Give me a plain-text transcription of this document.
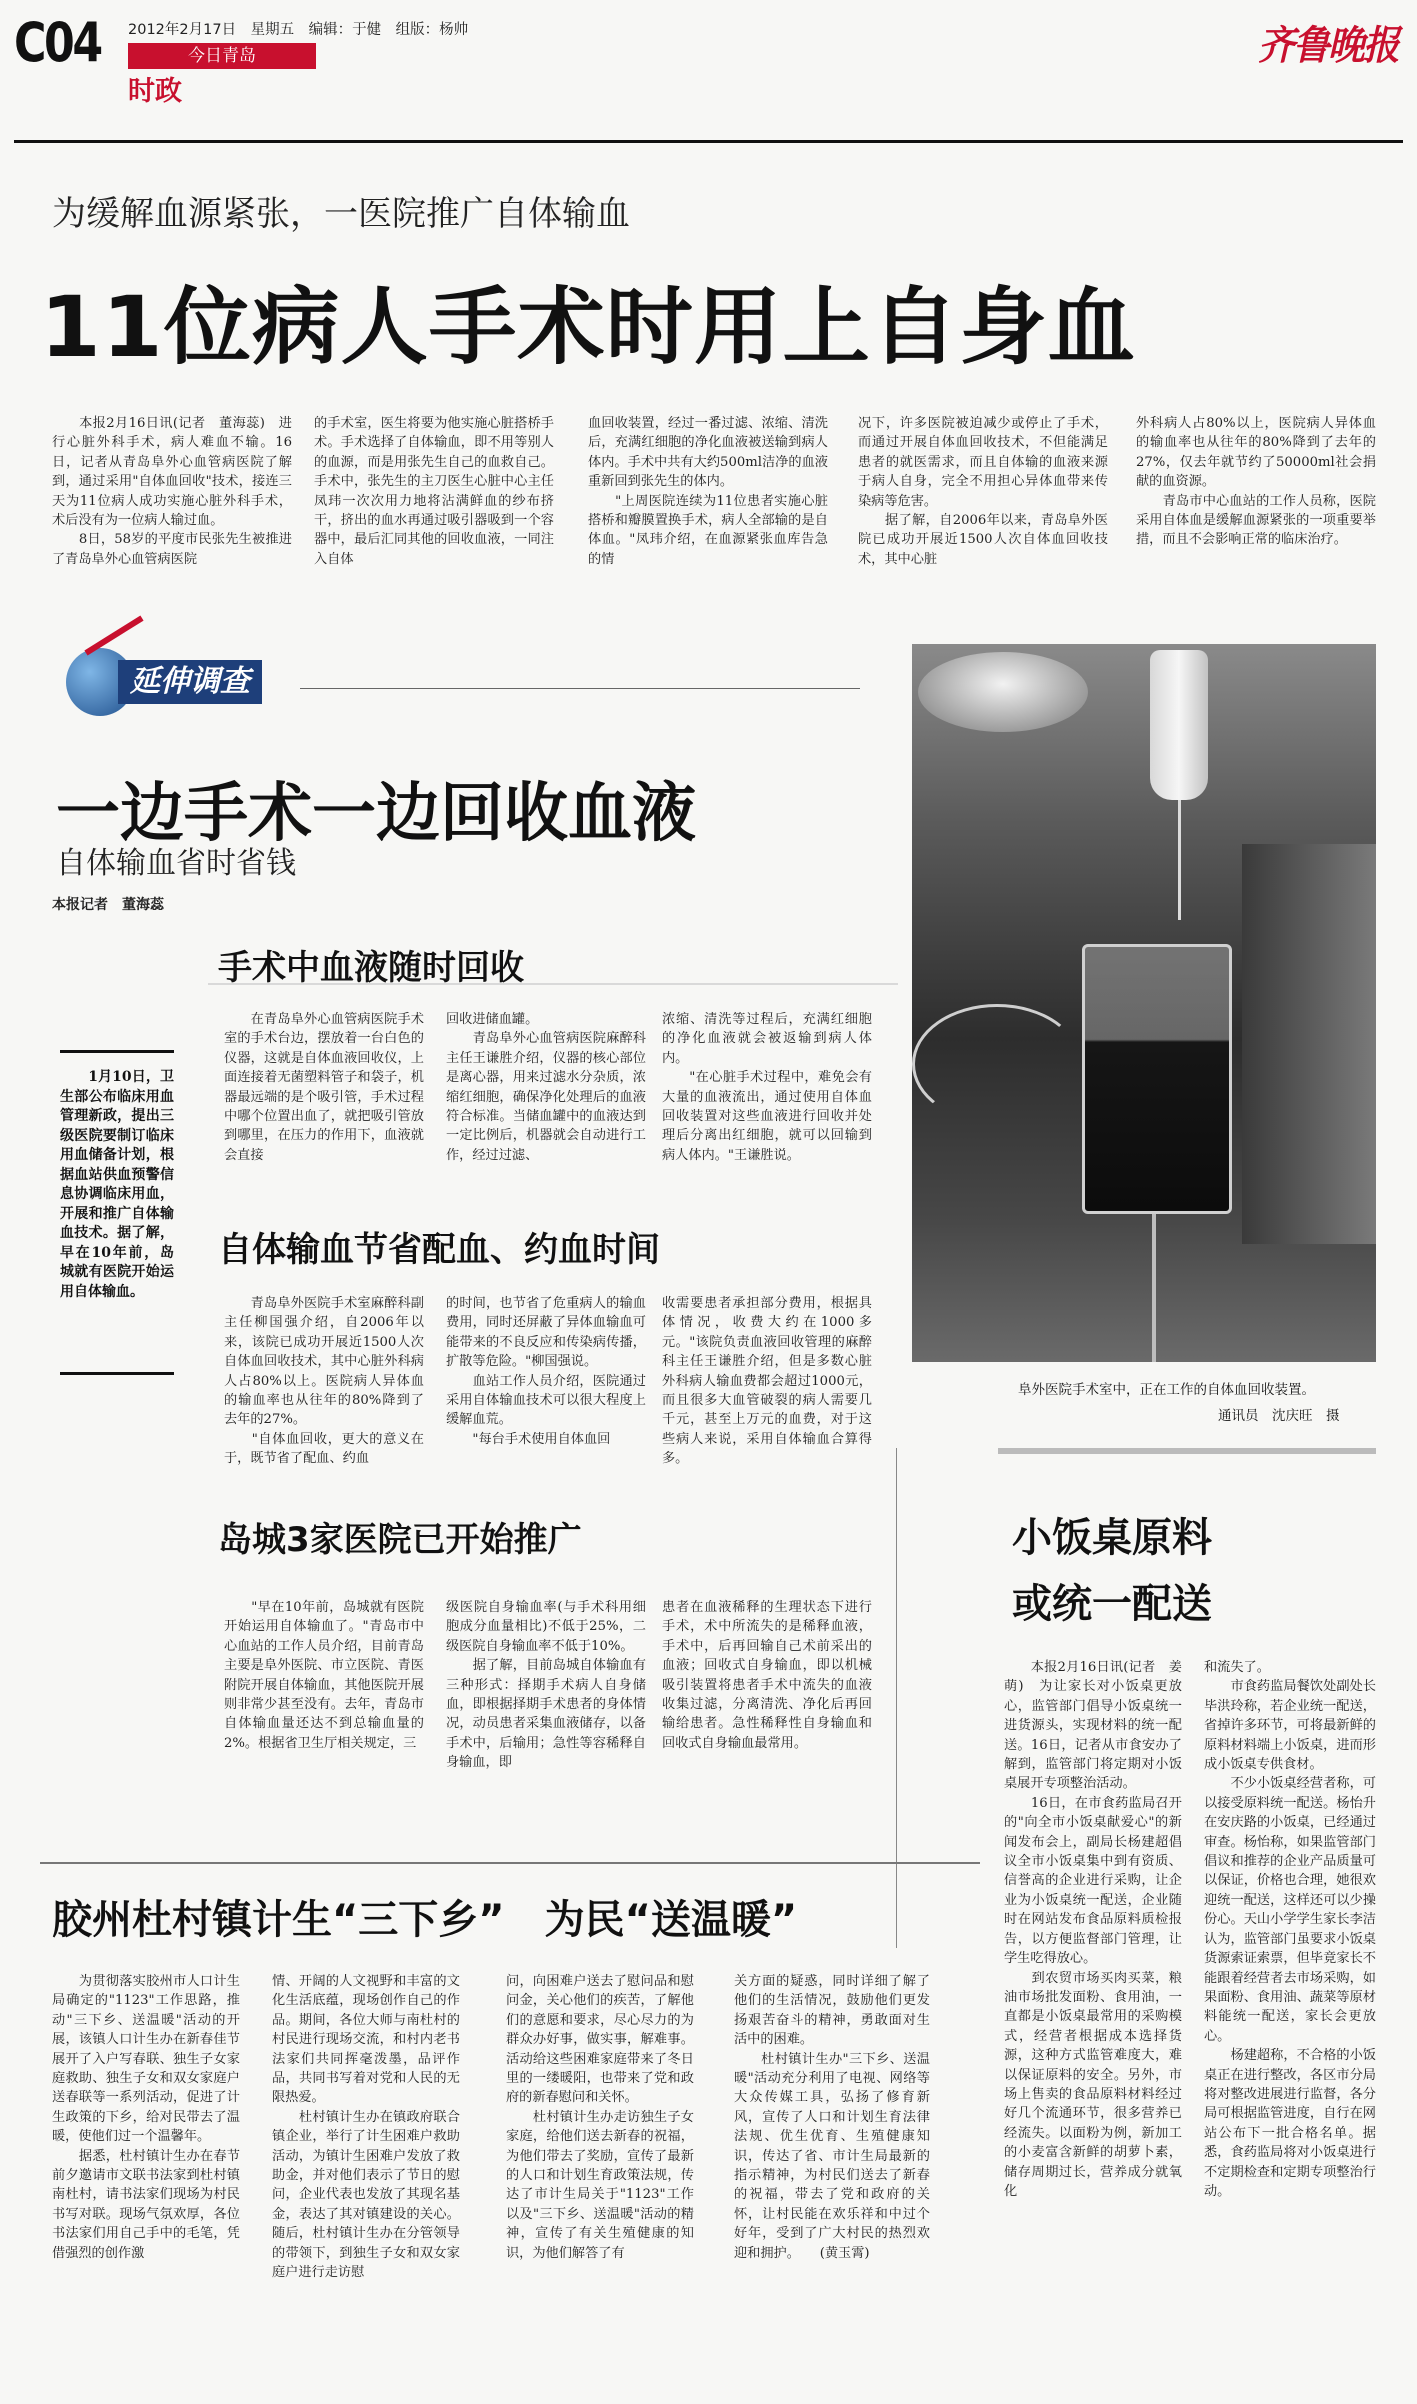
C04 2012年2月17日　星期五　编辑：于健　组版：杨帅
今日青岛
时政
齐鲁晚报
为缓解血源紧张，一医院推广自体输血
11位病人手术时用上自身血
　　本报2月16日讯(记者　董海蕊)　进行心脏外科手术，病人难血不输。16日，记者从青岛阜外心血管病医院了解到，通过采用"自体血回收"技术，接连三天为11位病人成功实施心脏外科手术，术后没有为一位病人输过血。
　　8日，58岁的平度市民张先生被推进了青岛阜外心血管病医院
的手术室，医生将要为他实施心脏搭桥手术。手术选择了自体输血，即不用等别人的血源，而是用张先生自己的血救自己。手术中，张先生的主刀医生心脏中心主任凤玮一次次用力地将沾满鲜血的纱布挤干，挤出的血水再通过吸引器吸到一个容器中，最后汇同其他的回收血液，一同注入自体
血回收装置，经过一番过滤、浓缩、清洗后，充满红细胞的净化血液被送输到病人体内。手术中共有大约500ml洁净的血液重新回到张先生的体内。
　　"上周医院连续为11位患者实施心脏搭桥和瓣膜置换手术，病人全部输的是自体血。"凤玮介绍，在血源紧张血库告急的情
况下，许多医院被迫减少或停止了手术，而通过开展自体血回收技术，不但能满足患者的就医需求，而且自体输的血液来源于病人自身，完全不用担心异体血带来传染病等危害。
　　据了解，自2006年以来，青岛阜外医院已成功开展近1500人次自体血回收技术，其中心脏
外科病人占80%以上，医院病人异体血的输血率也从往年的80%降到了去年的27%，仅去年就节约了50000ml社会捐献的血资源。
　　青岛市中心血站的工作人员称，医院采用自体血是缓解血源紧张的一项重要举措，而且不会影响正常的临床治疗。
延伸调查
一边手术一边回收血液
自体输血省时省钱
本报记者　董海蕊
　　1月10日，卫生部公布临床用血管理新政，提出三级医院要制订临床用血储备计划，根据血站供血预警信息协调临床用血，开展和推广自体输血技术。据了解，早在10年前，岛城就有医院开始运用自体输血。
手术中血液随时回收
　　在青岛阜外心血管病医院手术室的手术台边，摆放着一台白色的仪器，这就是自体血液回收仪，上面连接着无菌塑料管子和袋子，机器最远端的是个吸引管，手术过程中哪个位置出血了，就把吸引管放到哪里，在压力的作用下，血液就会直接
回收进储血罐。
　　青岛阜外心血管病医院麻醉科主任王谦胜介绍，仪器的核心部位是离心器，用来过滤水分杂质，浓缩红细胞，确保净化处理后的血液符合标准。当储血罐中的血液达到一定比例后，机器就会自动进行工作，经过过滤、
浓缩、清洗等过程后，充满红细胞的净化血液就会被返输到病人体内。
　　"在心脏手术过程中，难免会有大量的血液流出，通过使用自体血回收装置对这些血液进行回收并处理后分离出红细胞，就可以回输到病人体内。"王谦胜说。
自体输血节省配血、约血时间
　　青岛阜外医院手术室麻醉科副主任柳国强介绍，自2006年以来，该院已成功开展近1500人次自体血回收技术，其中心脏外科病人占80%以上。医院病人异体血的输血率也从往年的80%降到了去年的27%。
　　"自体血回收，更大的意义在于，既节省了配血、约血
的时间，也节省了危重病人的输血费用，同时还屏蔽了异体血输血可能带来的不良反应和传染病传播，扩散等危险。"柳国强说。
　　血站工作人员介绍，医院通过采用自体输血技术可以很大程度上缓解血荒。
　　"每台手术使用自体血回
收需要患者承担部分费用，根据具体情况，收费大约在1000多元。"该院负责血液回收管理的麻醉科主任王谦胜介绍，但是多数心脏外科病人输血费都会超过1000元，而且很多大血管破裂的病人需要几千元，甚至上万元的血费，对于这些病人来说，采用自体输血合算得多。
岛城3家医院已开始推广
　　"早在10年前，岛城就有医院开始运用自体输血了。"青岛市中心血站的工作人员介绍，目前青岛主要是阜外医院、市立医院、青医附院开展自体输血，其他医院开展则非常少甚至没有。去年，青岛市自体输血量还达不到总输血量的2%。根据省卫生厅相关规定，三
级医院自身输血率(与手术科用细胞成分血量相比)不低于25%，二级医院自身输血率不低于10%。
　　据了解，目前岛城自体输血有三种形式：择期手术病人自身储血，即根据择期手术患者的身体情况，动员患者采集血液储存，以备手术中，后输用；急性等容稀释自身输血，即
患者在血液稀释的生理状态下进行手术，术中所流失的是稀释血液，手术中，后再回输自己术前采出的血液；回收式自身输血，即以机械吸引装置将患者手术中流失的血液收集过滤，分离清洗、净化后再回输给患者。急性稀释性自身输血和回收式自身输血最常用。
阜外医院手术室中，正在工作的自体血回收装置。
通讯员　沈庆旺　摄
小饭桌原料
或统一配送
　　本报2月16日讯(记者　姜萌)　为让家长对小饭桌更放心，监管部门倡导小饭桌统一进货源头，实现材料的统一配送。16日，记者从市食安办了解到，监管部门将定期对小饭桌展开专项整治活动。
　　16日，在市食药监局召开的"向全市小饭桌献爱心"的新闻发布会上，副局长杨建超倡议全市小饭桌集中到有资质、信誉高的企业进行采购，让企业为小饭桌统一配送，企业随时在网站发布食品原料质检报告，以方便监督部门管理，让学生吃得放心。
　　到农贸市场买肉买菜，粮油市场批发面粉、食用油，一直都是小饭桌最常用的采购模式，经营者根据成本选择货源，这种方式监管难度大，难以保证原料的安全。另外，市场上售卖的食品原料材料经过好几个流通环节，很多营养已经流失。以面粉为例，新加工的小麦富含新鲜的胡萝卜素，储存周期过长，营养成分就氧化
和流失了。
　　市食药监局餐饮处副处长毕洪玲称，若企业统一配送，省掉许多环节，可将最新鲜的原料材料端上小饭桌，进而形成小饭桌专供食材。
　　不少小饭桌经营者称，可以接受原料统一配送。杨怡升在安庆路的小饭桌，已经通过审查。杨怡称，如果监管部门倡议和推荐的企业产品质量可以保证，价格也合理，她很欢迎统一配送，这样还可以少操份心。天山小学学生家长李洁认为，监管部门虽要求小饭桌货源索证索票，但毕竟家长不能跟着经营者去市场采购，如果面粉、食用油、蔬菜等原材料能统一配送，家长会更放心。
　　杨建超称，不合格的小饭桌正在进行整改，各区市分局将对整改进展进行监督，各分局可根据监管进度，自行在网站公布下一批合格名单。据悉，食药监局将对小饭桌进行不定期检查和定期专项整治行动。
胶州杜村镇计生“三下乡”　为民“送温暖”
　　为贯彻落实胶州市人口计生局确定的"1123"工作思路，推动"三下乡、送温暖"活动的开展，该镇人口计生办在新春佳节展开了入户写春联、独生子女家庭救助、独生子女和双女家庭户送春联等一系列活动，促进了计生政策的下乡，给对民带去了温暖，使他们过一个温馨年。
　　据悉，杜村镇计生办在春节前夕邀请市文联书法家到杜村镇南杜村，请书法家们现场为村民书写对联。现场气氛欢厚，各位书法家们用自己手中的毛笔，凭借强烈的创作激
情、开阔的人文视野和丰富的文化生活底蕴，现场创作自己的作品。期间，各位大师与南杜村的村民进行现场交流，和村内老书法家们共同挥毫泼墨，品评作品，共同书写着对党和人民的无限热爱。
　　杜村镇计生办在镇政府联合镇企业，举行了计生困难户救助活动，为镇计生困难户发放了救助金，并对他们表示了节日的慰问，企业代表也发放了其现名基金，表达了其对镇建设的关心。随后，杜村镇计生办在分管领导的带领下，到独生子女和双女家庭户进行走访慰
问，向困难户送去了慰问品和慰问金，关心他们的疾苦，了解他们的意愿和要求，尽心尽力的为群众办好事，做实事，解难事。活动给这些困难家庭带来了冬日里的一缕暖阳，也带来了党和政府的新春慰问和关怀。
　　杜村镇计生办走访独生子女家庭，给他们送去新春的祝福，为他们带去了奖励，宣传了最新的人口和计划生育政策法规，传达了市计生局关于"1123"工作以及"三下乡、送温暖"活动的精神，宣传了有关生殖健康的知识，为他们解答了有
关方面的疑惑，同时详细了解了他们的生活情况，鼓励他们更发扬艰苦奋斗的精神，勇敢面对生活中的困难。
　　杜村镇计生办"三下乡、送温暖"活动充分利用了电视、网络等大众传媒工具，弘扬了修育新风，宣传了人口和计划生育法律法规、优生优育、生殖健康知识，传达了省、市计生局最新的指示精神，为村民们送去了新春的祝福，带去了党和政府的关怀，让村民能在欢乐祥和中过个好年，受到了广大村民的热烈欢迎和拥护。　　(黄玉霄)
